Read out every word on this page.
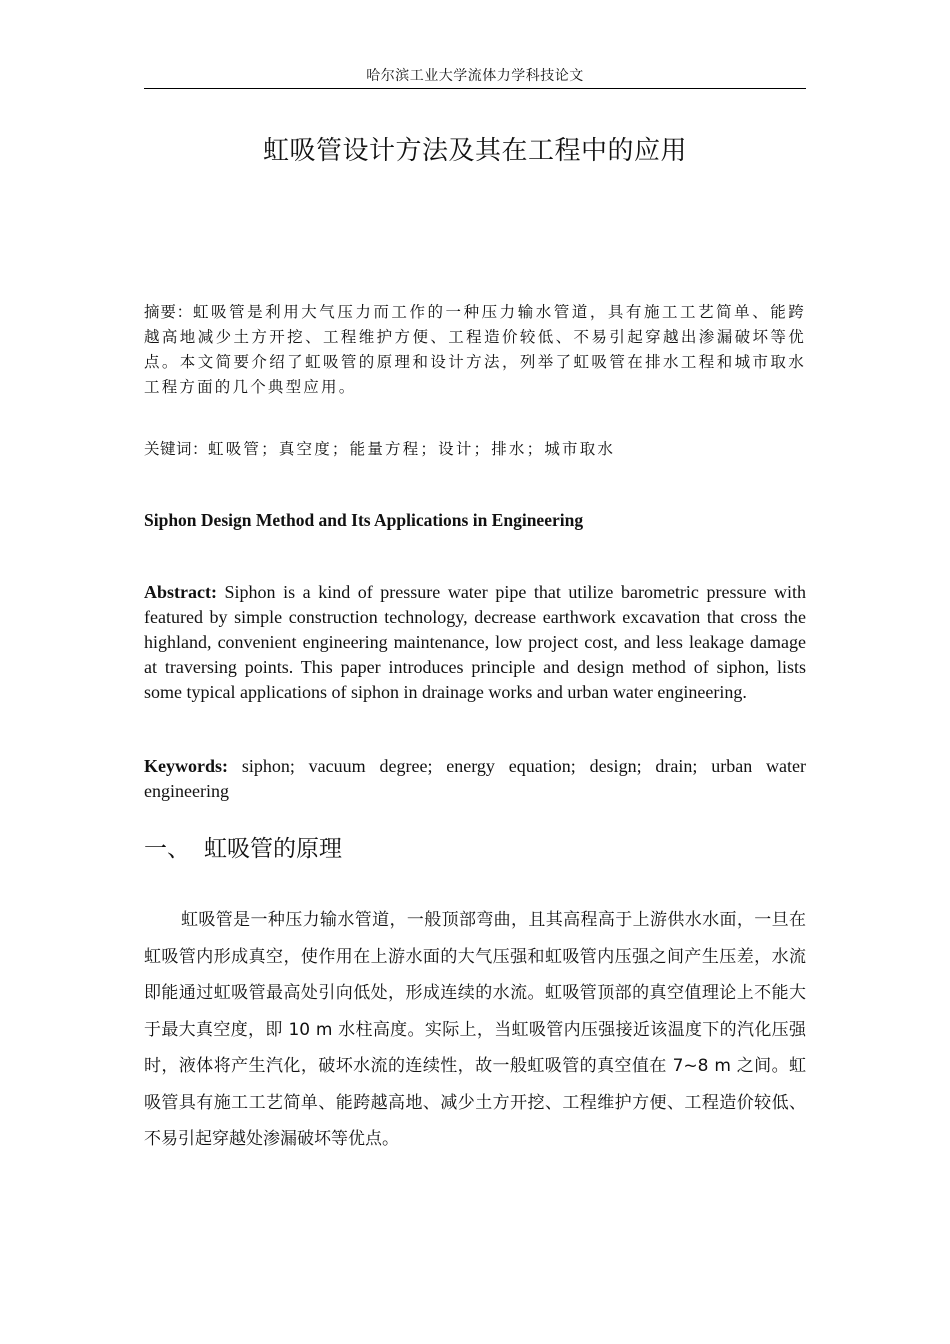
哈尔滨工业大学流体力学科技论文
虹吸管设计方法及其在工程中的应用
摘要：虹吸管是利用大气压力而工作的一种压力输水管道，具有施工工艺简单、能跨越高地减少土方开挖、工程维护方便、工程造价较低、不易引起穿越出渗漏破坏等优点。本文简要介绍了虹吸管的原理和设计方法，列举了虹吸管在排水工程和城市取水工程方面的几个典型应用。
关键词：虹吸管；真空度；能量方程；设计；排水；城市取水
Siphon Design Method and Its Applications in Engineering
Abstract: Siphon is a kind of pressure water pipe that utilize barometric pressure with featured by simple construction technology, decrease earthwork excavation that cross the highland, convenient engineering maintenance, low project cost, and less leakage damage at traversing points. This paper introduces principle and design method of siphon, lists some typical applications of siphon in drainage works and urban water engineering.
Keywords: siphon; vacuum degree; energy equation; design; drain; urban water engineering
一、 虹吸管的原理
虹吸管是一种压力输水管道，一般顶部弯曲，且其高程高于上游供水水面，一旦在虹吸管内形成真空，使作用在上游水面的大气压强和虹吸管内压强之间产生压差，水流即能通过虹吸管最高处引向低处，形成连续的水流。虹吸管顶部的真空值理论上不能大于最大真空度，即 10 m 水柱高度。实际上，当虹吸管内压强接近该温度下的汽化压强时，液体将产生汽化，破坏水流的连续性，故一般虹吸管的真空值在 7~8 m 之间。虹吸管具有施工工艺简单、能跨越高地、减少土方开挖、工程维护方便、工程造价较低、不易引起穿越处渗漏破坏等优点。
